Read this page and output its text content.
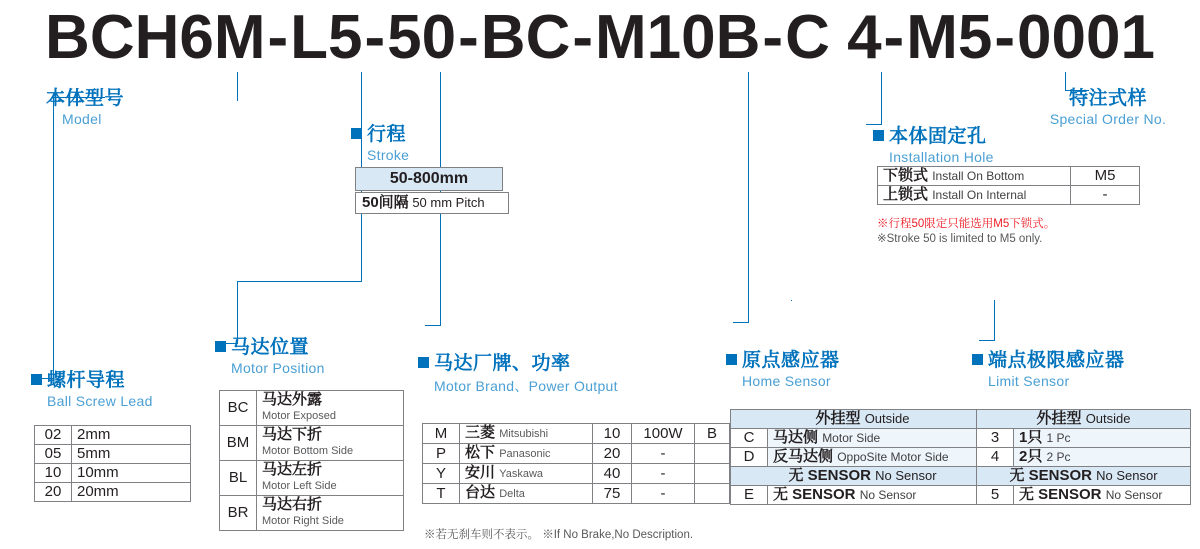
BCH6M-L5-50-BC-M10B-C 4-M5-0001
本体型号
Model
行程
Stroke
50-800mm
50间隔 50 mm Pitch
本体固定孔
Installation Hole
下锁式 Install On Bottom	M5
上锁式 Install On Internal	-
※行程50限定只能选用M5下锁式。
※Stroke 50 is limited to M5 only.
特注式样
Special Order No.
螺杆导程
Ball Screw Lead
02	2mm
05	5mm
10	10mm
20	20mm
马达位置
Motor Position
BC	马达外露
Motor Exposed

BM	马达下折
Motor Bottom Side

BL	马达左折
Motor Left Side

BR	马达右折
Motor Right Side
马达厂牌、功率
Motor Brand、Power Output
M	三菱 Mitsubishi	10	100W	B
P	松下 Panasonic	20	-	
Y	安川 Yaskawa	40	-	
T	台达 Delta	75	-	
※若无刹车则不表示。 ※If No Brake,No Description.
原点感应器
Home Sensor
外挂型 Outside	
C	马达侧 Motor Side
D	反马达侧 OppoSite Motor Side
无 SENSOR No Sensor	
E	无 SENSOR No Sensor
端点极限感应器
Limit Sensor
外挂型 Outside	
3	1只 1 Pc
4	2只 2 Pc
无 SENSOR No Sensor	
5	无 SENSOR No Sensor
